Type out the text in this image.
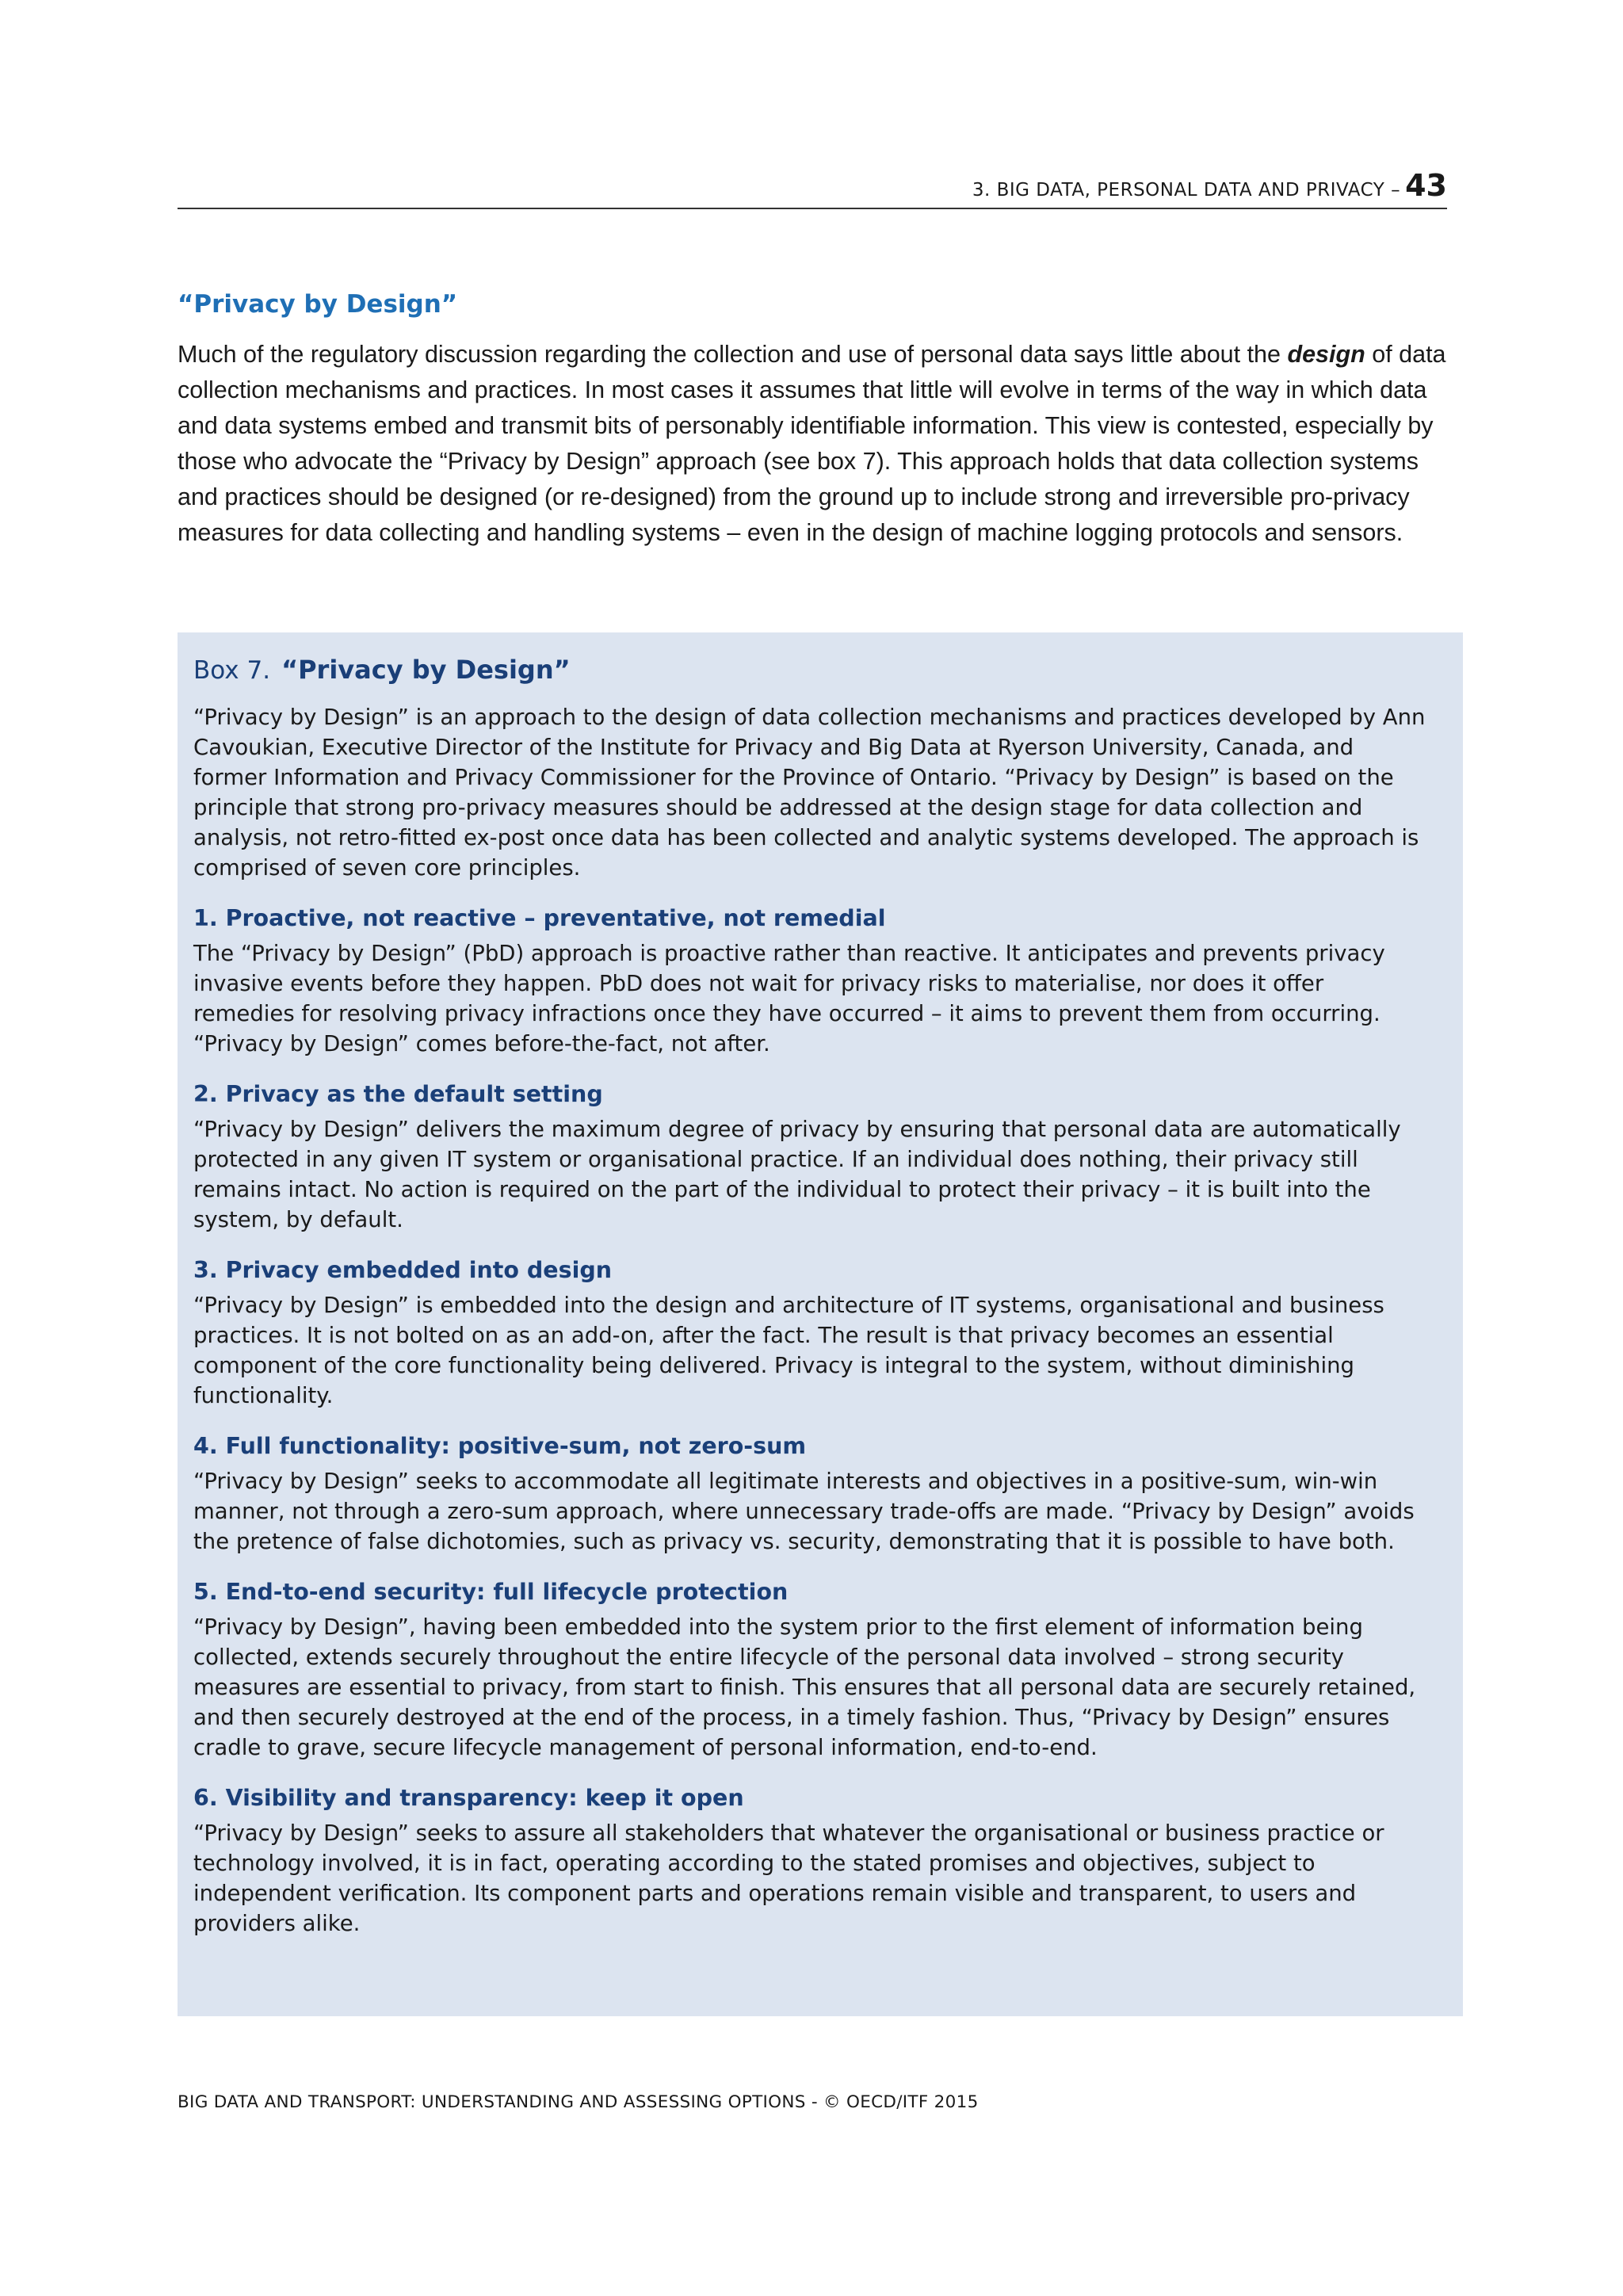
3. BIG DATA, PERSONAL DATA AND PRIVACY – 43
“Privacy by Design”

Much of the regulatory discussion regarding the collection and use of personal data says little about the design of data collection mechanisms and practices. In most cases it assumes that little will evolve in terms of the way in which data and data systems embed and transmit bits of personably identifiable information. This view is contested, especially by those who advocate the “Privacy by Design” approach (see box 7). This approach holds that data collection systems and practices should be designed (or re-designed) from the ground up to include strong and irreversible pro-privacy measures for data collecting and handling systems – even in the design of machine logging protocols and sensors.

Box 7. “Privacy by Design”

“Privacy by Design” is an approach to the design of data collection mechanisms and practices developed by Ann Cavoukian, Executive Director of the Institute for Privacy and Big Data at Ryerson University, Canada, and former Information and Privacy Commissioner for the Province of Ontario. “Privacy by Design” is based on the principle that strong pro-privacy measures should be addressed at the design stage for data collection and analysis, not retro-fitted ex-post once data has been collected and analytic systems developed. The approach is comprised of seven core principles.

1. Proactive, not reactive – preventative, not remedial

The “Privacy by Design” (PbD) approach is proactive rather than reactive. It anticipates and prevents privacy invasive events before they happen. PbD does not wait for privacy risks to materialise, nor does it offer remedies for resolving privacy infractions once they have occurred – it aims to prevent them from occurring. “Privacy by Design” comes before-the-fact, not after.

2. Privacy as the default setting

“Privacy by Design” delivers the maximum degree of privacy by ensuring that personal data are automatically protected in any given IT system or organisational practice. If an individual does nothing, their privacy still remains intact. No action is required on the part of the individual to protect their privacy – it is built into the system, by default.

3. Privacy embedded into design

“Privacy by Design” is embedded into the design and architecture of IT systems, organisational and business practices. It is not bolted on as an add-on, after the fact. The result is that privacy becomes an essential component of the core functionality being delivered. Privacy is integral to the system, without diminishing functionality.

4. Full functionality: positive-sum, not zero-sum

“Privacy by Design” seeks to accommodate all legitimate interests and objectives in a positive-sum, win-win manner, not through a zero-sum approach, where unnecessary trade-offs are made. “Privacy by Design” avoids the pretence of false dichotomies, such as privacy vs. security, demonstrating that it is possible to have both.

5. End-to-end security: full lifecycle protection

“Privacy by Design”, having been embedded into the system prior to the first element of information being collected, extends securely throughout the entire lifecycle of the personal data involved – strong security measures are essential to privacy, from start to finish. This ensures that all personal data are securely retained, and then securely destroyed at the end of the process, in a timely fashion. Thus, “Privacy by Design” ensures cradle to grave, secure lifecycle management of personal information, end-to-end.

6. Visibility and transparency: keep it open

“Privacy by Design” seeks to assure all stakeholders that whatever the organisational or business practice or technology involved, it is in fact, operating according to the stated promises and objectives, subject to independent verification. Its component parts and operations remain visible and transparent, to users and providers alike.

BIG DATA AND TRANSPORT: UNDERSTANDING AND ASSESSING OPTIONS - © OECD/ITF 2015
